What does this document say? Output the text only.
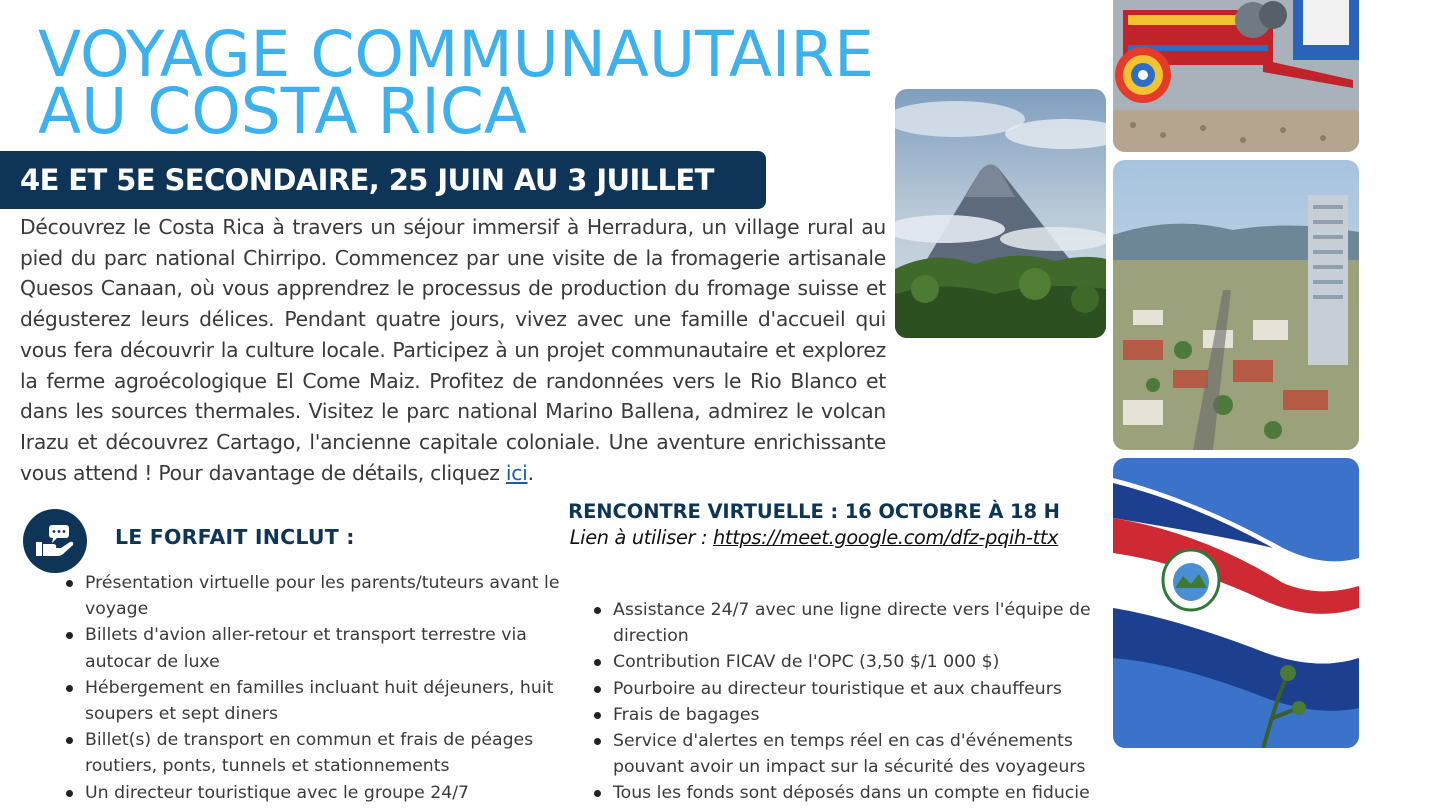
VOYAGE COMMUNAUTAIRE
AU COSTA RICA
4E ET 5E SECONDAIRE, 25 JUIN AU 3 JUILLET

Découvrez le Costa Rica à travers un séjour immersif à Herradura, un village rural au pied du parc national Chirripo. Commencez par une visite de la fromagerie artisanale Quesos Canaan, où vous apprendrez le processus de production du fromage suisse et dégusterez leurs délices. Pendant quatre jours, vivez avec une famille d'accueil qui vous fera découvrir la culture locale. Participez à un projet communautaire et explorez la ferme agroécologique El Come Maiz. Profitez de randonnées vers le Rio Blanco et dans les sources thermales. Visitez le parc national Marino Ballena, admirez le volcan Irazu et découvrez Cartago, l'ancienne capitale coloniale. Une aventure enrichissante vous attend ! Pour davantage de détails, cliquez ici.

LE FORFAIT INCLUT :
RENCONTRE VIRTUELLE : 16 OCTOBRE À 18 H
Lien à utiliser : https://meet.google.com/dfz-pqih-ttx
Présentation virtuelle pour les parents/tuteurs avant le voyage
Billets d'avion aller-retour et transport terrestre via autocar de luxe
Hébergement en familles incluant huit déjeuners, huit soupers et sept diners
Billet(s) de transport en commun et frais de péages routiers, ponts, tunnels et stationnements
Un directeur touristique avec le groupe 24/7
Assistance 24/7 avec une ligne directe vers l'équipe de direction
Contribution FICAV de l'OPC (3,50 $/1 000 $)
Pourboire au directeur touristique et aux chauffeurs
Frais de bagages
Service d'alertes en temps réel en cas d'événements pouvant avoir un impact sur la sécurité des voyageurs
Tous les fonds sont déposés dans un compte en fiducie
